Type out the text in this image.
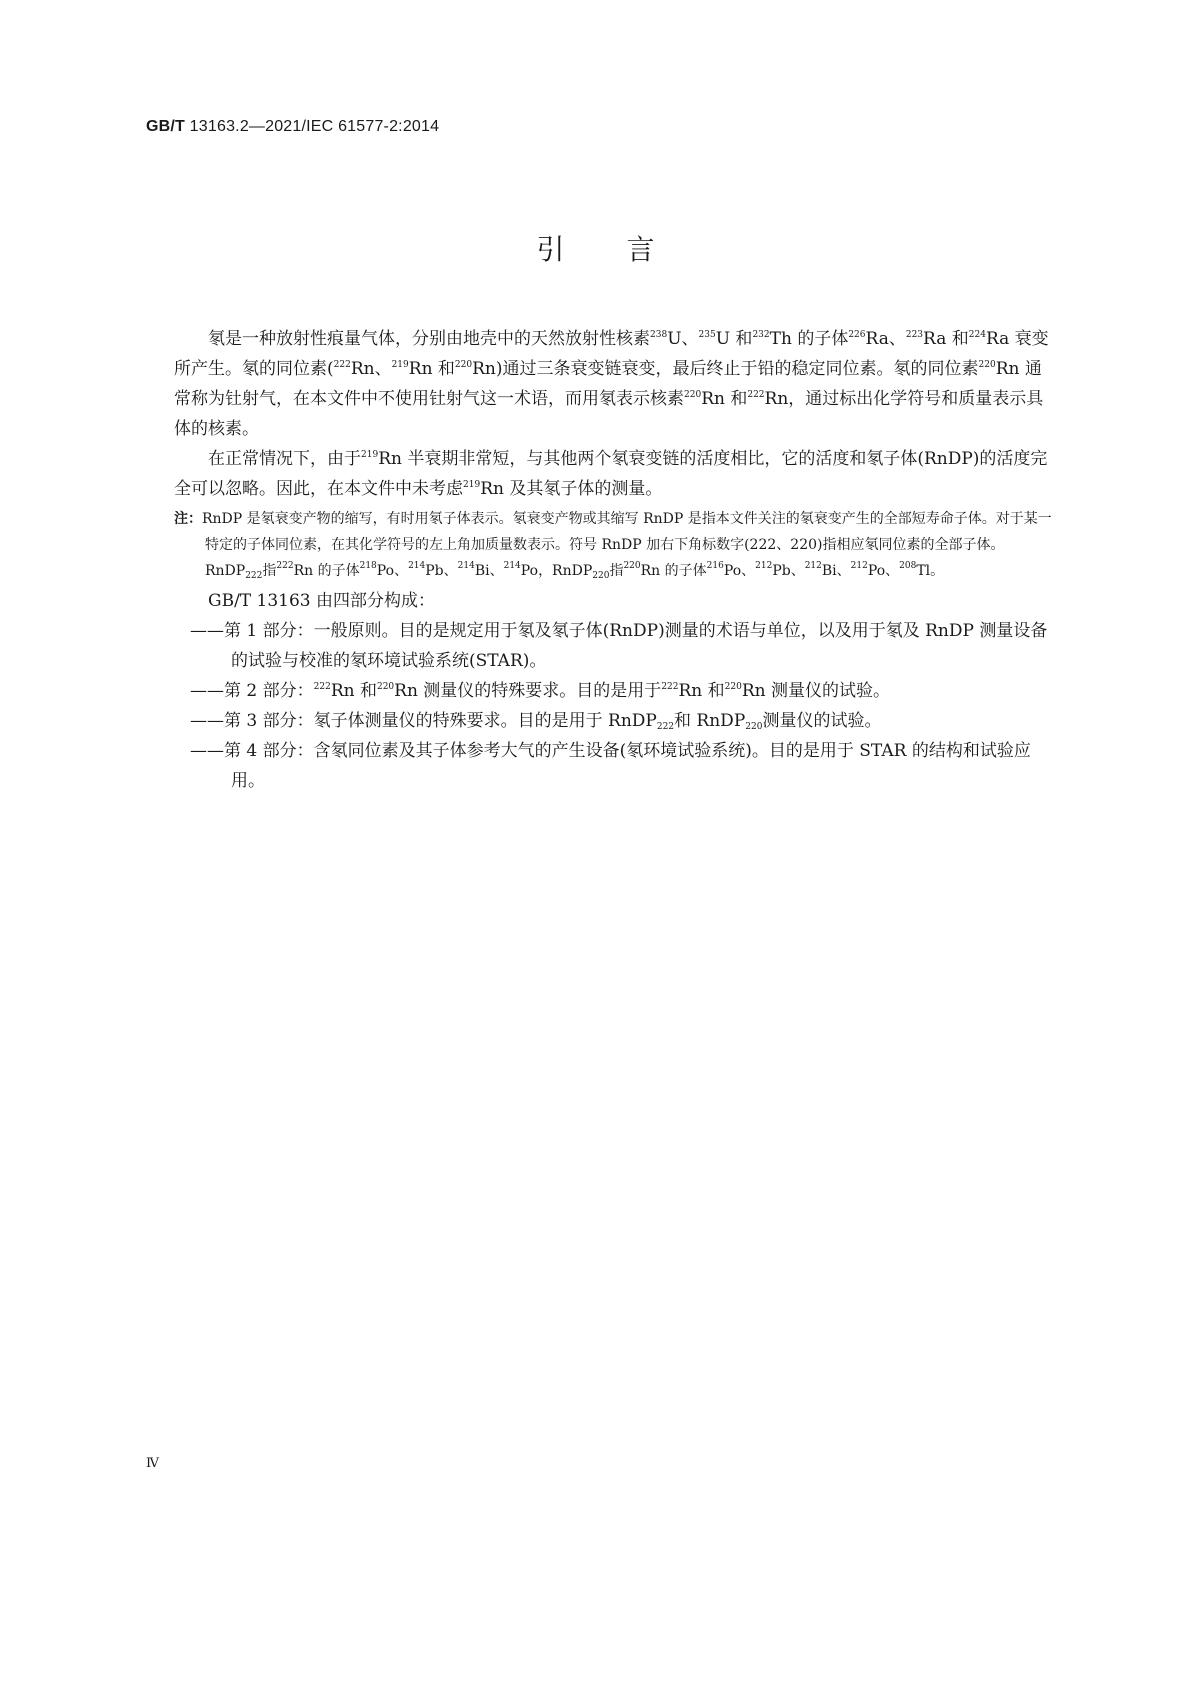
GB/T 13163.2—2021/IEC 61577-2:2014
引言

氡是一种放射性痕量气体，分别由地壳中的天然放射性核素$^{238}$U、$^{235}$U 和$^{232}$Th 的子体$^{226}$Ra、$^{223}$Ra 和$^{224}$Ra 衰变所产生。氡的同位素($^{222}$Rn、$^{219}$Rn 和$^{220}$Rn)通过三条衰变链衰变，最后终止于铅的稳定同位素。氡的同位素$^{220}$Rn 通常称为钍射气，在本文件中不使用钍射气这一术语，而用氡表示核素$^{220}$Rn 和$^{222}$Rn，通过标出化学符号和质量表示具体的核素。

在正常情况下，由于$^{219}$Rn 半衰期非常短，与其他两个氡衰变链的活度相比，它的活度和氡子体(RnDP)的活度完全可以忽略。因此，在本文件中未考虑$^{219}$Rn 及其氡子体的测量。

注：RnDP 是氡衰变产物的缩写，有时用氡子体表示。氡衰变产物或其缩写 RnDP 是指本文件关注的氡衰变产生的全部短寿命子体。对于某一特定的子体同位素，在其化学符号的左上角加质量数表示。符号 RnDP 加右下角标数字(222、220)指相应氡同位素的全部子体。RnDP$_{222}$指$^{222}$Rn 的子体$^{218}$Po、$^{214}$Pb、$^{214}$Bi、$^{214}$Po，RnDP$_{220}$指$^{220}$Rn 的子体$^{216}$Po、$^{212}$Pb、$^{212}$Bi、$^{212}$Po、$^{208}$Tl。

GB/T 13163 由四部分构成：

——第 1 部分：一般原则。目的是规定用于氡及氡子体(RnDP)测量的术语与单位，以及用于氡及 RnDP 测量设备的试验与校准的氡环境试验系统(STAR)。

——第 2 部分：$^{222}$Rn 和$^{220}$Rn 测量仪的特殊要求。目的是用于$^{222}$Rn 和$^{220}$Rn 测量仪的试验。

——第 3 部分：氡子体测量仪的特殊要求。目的是用于 RnDP$_{222}$和 RnDP$_{220}$测量仪的试验。

——第 4 部分：含氡同位素及其子体参考大气的产生设备(氡环境试验系统)。目的是用于 STAR 的结构和试验应用。

Ⅳ
